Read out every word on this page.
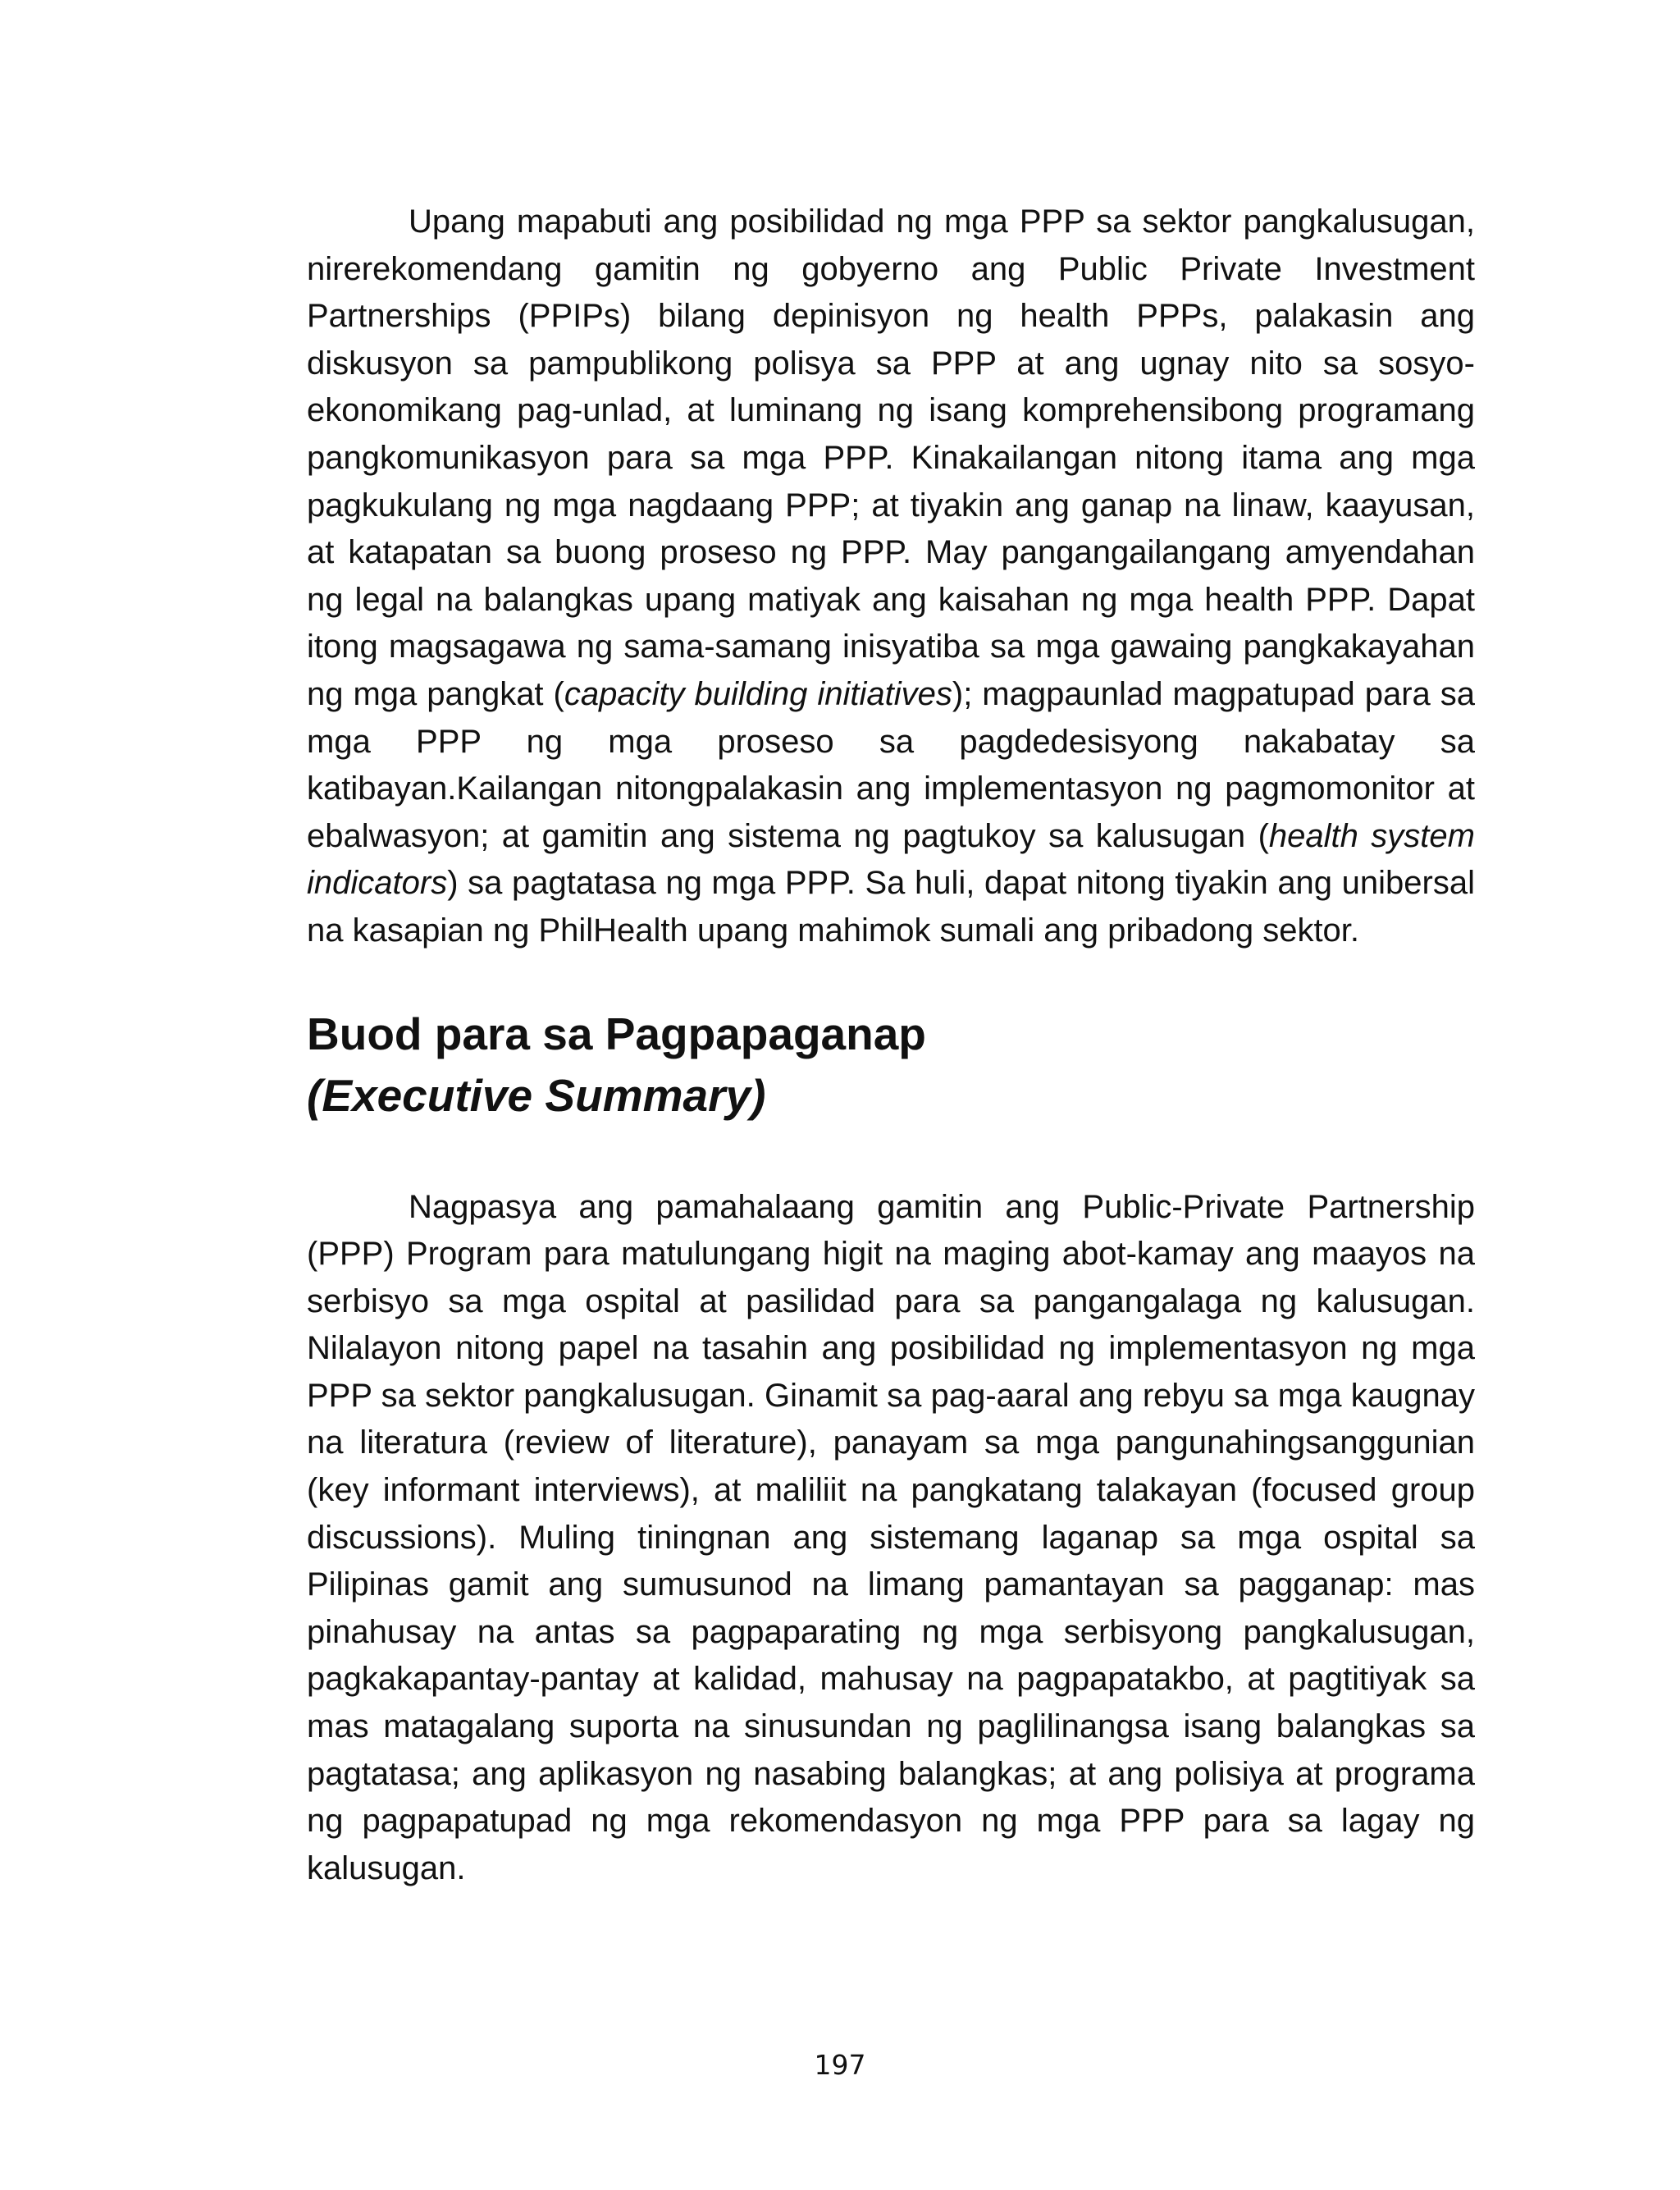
Upang mapabuti ang posibilidad ng mga PPP sa sektor pangkalusugan, nirerekomendang gamitin ng gobyerno ang Public Private Investment Partnerships (PPIPs) bilang depinisyon ng health PPPs, palakasin ang diskusyon sa pampublikong polisya sa PPP at ang ugnay nito sa sosyo-ekonomikang pag-unlad, at luminang ng isang komprehensibong programang pangkomunikasyon para sa mga PPP. Kinakailangan nitong itama ang mga pagkukulang ng mga nagdaang PPP; at tiyakin ang ganap na linaw, kaayusan, at katapatan sa buong proseso ng PPP. May pangangailangang amyendahan ng legal na balangkas upang matiyak ang kaisahan ng mga health PPP. Dapat itong magsagawa ng sama-samang inisyatiba sa mga gawaing pangkakayahan ng mga pangkat (capacity building initiatives); magpaunlad magpatupad para sa mga PPP ng mga proseso sa pagdedesisyong nakabatay sa katibayan.Kailangan nitongpalakasin ang implementasyon ng pagmomonitor at ebalwasyon; at gamitin ang sistema ng pagtukoy sa kalusugan (health system indicators) sa pagtatasa ng mga PPP. Sa huli, dapat nitong tiyakin ang unibersal na kasapian ng PhilHealth upang mahimok sumali ang pribadong sektor.

Buod para sa Pagpapaganap
(Executive Summary)

Nagpasya ang pamahalaang gamitin ang Public-Private Partnership (PPP) Program para matulungang higit na maging abot-kamay ang maayos na serbisyo sa mga ospital at pasilidad para sa pangangalaga ng kalusugan. Nilalayon nitong papel na tasahin ang posibilidad ng implementasyon ng mga PPP sa sektor pangkalusugan. Ginamit sa pag-aaral ang rebyu sa mga kaugnay na literatura (review of literature), panayam sa mga pangunahingsanggunian (key informant interviews), at maliliit na pangkatang talakayan (focused group discussions). Muling tiningnan ang sistemang laganap sa mga ospital sa Pilipinas gamit ang sumusunod na limang pamantayan sa pagganap: mas pinahusay na antas sa pagpaparating ng mga serbisyong pangkalusugan, pagkakapantay-pantay at kalidad, mahusay na pagpapatakbo, at pagtitiyak sa mas matagalang suporta na sinusundan ng paglilinangsa isang balangkas sa pagtatasa; ang aplikasyon ng nasabing balangkas; at ang polisiya at programa ng pagpapatupad ng mga rekomendasyon ng mga PPP para sa lagay ng kalusugan.

197
